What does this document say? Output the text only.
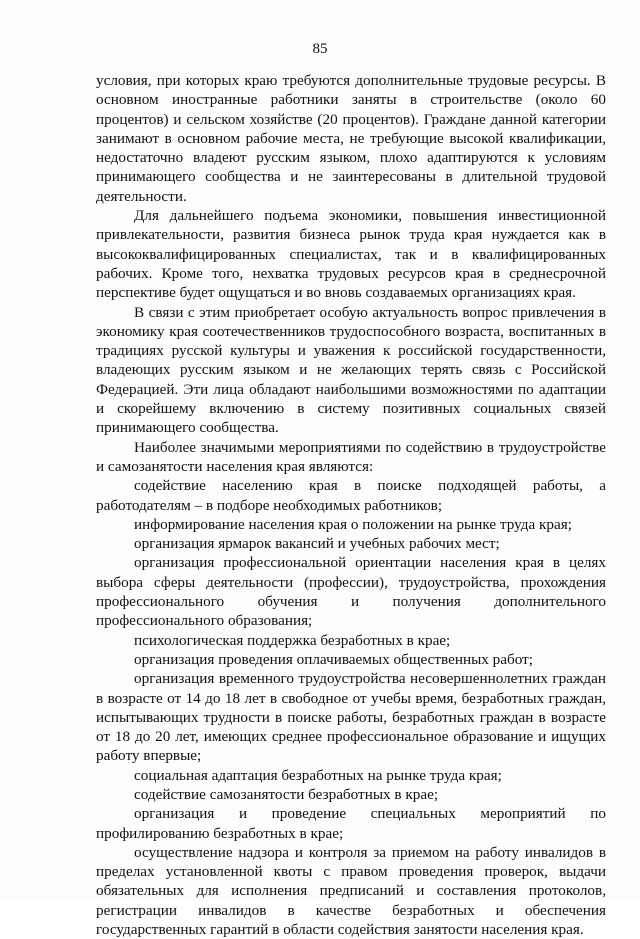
85

условия, при которых краю требуются дополнительные трудовые ресурсы. В основном иностранные работники заняты в строительстве (около 60 процентов) и сельском хозяйстве (20 процентов). Граждане данной категории занимают в основном рабочие места, не требующие высокой квалификации, недостаточно владеют русским языком, плохо адаптируются к условиям принимающего сообщества и не заинтересованы в длительной трудовой деятельности.

Для дальнейшего подъема экономики, повышения инвестиционной привлекательности, развития бизнеса рынок труда края нуждается как в высококвалифицированных специалистах, так и в квалифицированных рабочих. Кроме того, нехватка трудовых ресурсов края в среднесрочной перспективе будет ощущаться и во вновь создаваемых организациях края.

В связи с этим приобретает особую актуальность вопрос привлечения в экономику края соотечественников трудоспособного возраста, воспитанных в традициях русской культуры и уважения к российской государственности, владеющих русским языком и не желающих терять связь с Российской Федерацией. Эти лица обладают наибольшими возможностями по адаптации и скорейшему включению в систему позитивных социальных связей принимающего сообщества.

Наиболее значимыми мероприятиями по содействию в трудоустройстве и самозанятости населения края являются:

содействие населению края в поиске подходящей работы, а работодателям – в подборе необходимых работников;

информирование населения края о положении на рынке труда края;

организация ярмарок вакансий и учебных рабочих мест;

организация профессиональной ориентации населения края в целях выбора сферы деятельности (профессии), трудоустройства, прохождения профессионального обучения и получения дополнительного профессионального образования;

психологическая поддержка безработных в крае;

организация проведения оплачиваемых общественных работ;

организация временного трудоустройства несовершеннолетних граждан в возрасте от 14 до 18 лет в свободное от учебы время, безработных граждан, испытывающих трудности в поиске работы, безработных граждан в возрасте от 18 до 20 лет, имеющих среднее профессиональное образование и ищущих работу впервые;

социальная адаптация безработных на рынке труда края;

содействие самозанятости безработных в крае;

организация и проведение специальных мероприятий по профилированию безработных в крае;

осуществление надзора и контроля за приемом на работу инвалидов в пределах установленной квоты с правом проведения проверок, выдачи обязательных для исполнения предписаний и составления протоколов, регистрации инвалидов в качестве безработных и обеспечения государственных гарантий в области содействия занятости населения края.
